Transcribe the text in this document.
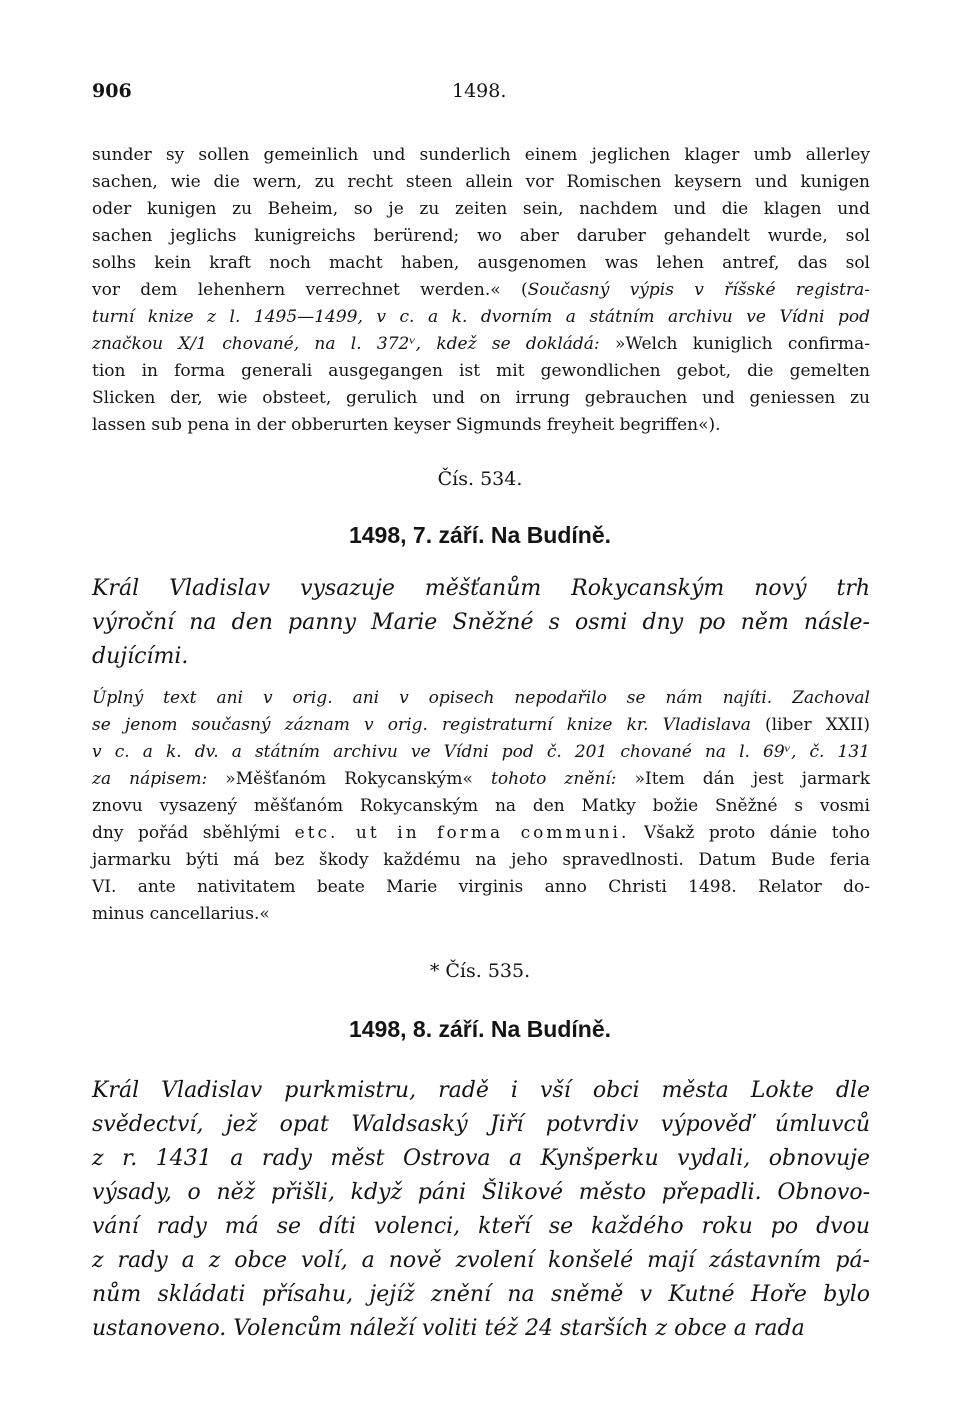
906	1498.
sunder sy sollen gemeinlich und sunderlich einem jeglichen klager umb allerley
sachen, wie die wern, zu recht steen allein vor Romischen keysern und kunigen
oder kunigen zu Beheim, so je zu zeiten sein, nachdem und die klagen und
sachen jeglichs kunigreichs berürend; wo aber daruber gehandelt wurde, sol
solhs kein kraft noch macht haben, ausgenomen was lehen antref, das sol
vor dem lehenhern verrechnet werden.« (Současný výpis v říšské registra-
turní knize z l. 1495—1499, v c. a k. dvorním a státním archivu ve Vídni pod
značkou X/1 chované, na l. 372ᵛ, kdež se dokládá: »Welch kuniglich confirma-
tion in forma generali ausgegangen ist mit gewondlichen gebot, die gemelten
Slicken der, wie obsteet, gerulich und on irrung gebrauchen und geniessen zu
lassen sub pena in der obberurten keyser Sigmunds freyheit begriffen«).
Čís. 534.
1498, 7. září. Na Budíně.
Král Vladislav vysazuje měšťanům Rokycanským nový trh
výroční na den panny Marie Sněžné s osmi dny po něm násle-
dujícími.
Úplný text ani v orig. ani v opisech nepodařilo se nám najíti. Zachoval
se jenom současný záznam v orig. registraturní knize kr. Vladislava (liber XXII)
v c. a k. dv. a státním archivu ve Vídni pod č. 201 chované na l. 69ᵛ, č. 131
za nápisem: »Měšťanóm Rokycanským« tohoto znění: »Item dán jest jarmark
znovu vysazený měšťanóm Rokycanským na den Matky božie Sněžné s vosmi
dny pořád sběhlými etc. ut in forma communi. Všakž proto dánie toho
jarmarku býti má bez škody každému na jeho spravedlnosti. Datum Bude feria
VI. ante nativitatem beate Marie virginis anno Christi 1498. Relator do-
minus cancellarius.«
* Čís. 535.
1498, 8. září. Na Budíně.
Král Vladislav purkmistru, radě i vší obci města Lokte dle
svědectví, jež opat Waldsaský Jiří potvrdiv výpověď úmluvců
z r. 1431 a rady měst Ostrova a Kynšperku vydali, obnovuje
výsady, o něž přišli, když páni Šlikové město přepadli. Obnovo-
vání rady má se díti volenci, kteří se každého roku po dvou
z rady a z obce volí, a nově zvolení konšelé mají zástavním pá-
nům skládati přísahu, jejíž znění na sněmě v Kutné Hoře bylo
ustanoveno. Volencům náleží voliti též 24 starších z obce a rada
